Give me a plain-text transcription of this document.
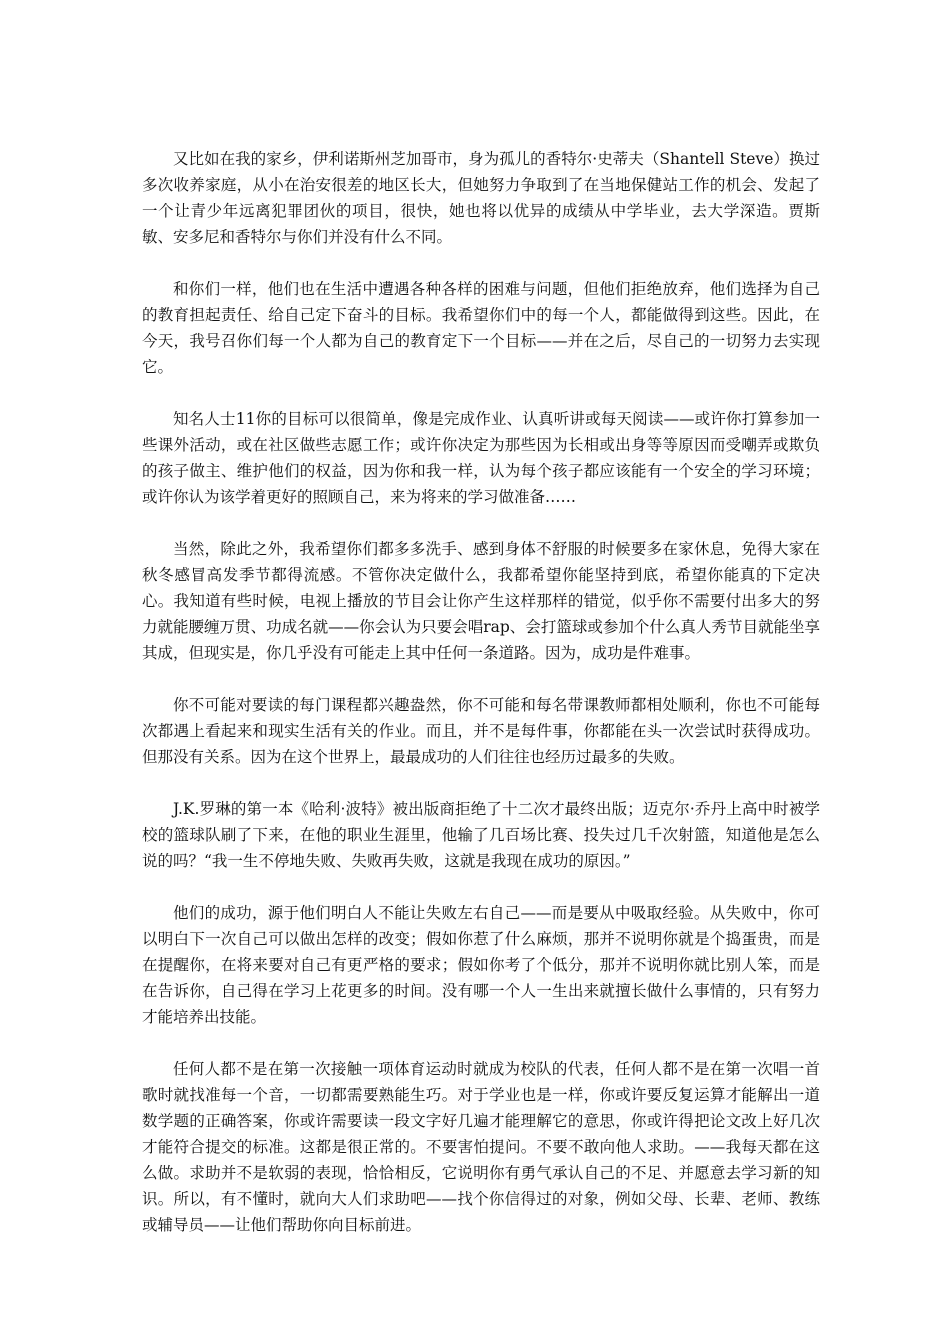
又比如在我的家乡，伊利诺斯州芝加哥市，身为孤儿的香特尔·史蒂夫（Shantell Steve）换过多次收养家庭，从小在治安很差的地区长大，但她努力争取到了在当地保健站工作的机会、发起了一个让青少年远离犯罪团伙的项目，很快，她也将以优异的成绩从中学毕业，去大学深造。贾斯敏、安多尼和香特尔与你们并没有什么不同。

和你们一样，他们也在生活中遭遇各种各样的困难与问题，但他们拒绝放弃，他们选择为自己的教育担起责任、给自己定下奋斗的目标。我希望你们中的每一个人，都能做得到这些。因此，在今天，我号召你们每一个人都为自己的教育定下一个目标——并在之后，尽自己的一切努力去实现它。

知名人士11你的目标可以很简单，像是完成作业、认真听讲或每天阅读——或许你打算参加一些课外活动，或在社区做些志愿工作；或许你决定为那些因为长相或出身等等原因而受嘲弄或欺负的孩子做主、维护他们的权益，因为你和我一样，认为每个孩子都应该能有一个安全的学习环境；或许你认为该学着更好的照顾自己，来为将来的学习做准备……

当然，除此之外，我希望你们都多多洗手、感到身体不舒服的时候要多在家休息，免得大家在秋冬感冒高发季节都得流感。不管你决定做什么，我都希望你能坚持到底，希望你能真的下定决心。我知道有些时候，电视上播放的节目会让你产生这样那样的错觉，似乎你不需要付出多大的努力就能腰缠万贯、功成名就——你会认为只要会唱rap、会打篮球或参加个什么真人秀节目就能坐享其成，但现实是，你几乎没有可能走上其中任何一条道路。因为，成功是件难事。

你不可能对要读的每门课程都兴趣盎然，你不可能和每名带课教师都相处顺利，你也不可能每次都遇上看起来和现实生活有关的作业。而且，并不是每件事，你都能在头一次尝试时获得成功。但那没有关系。因为在这个世界上，最最成功的人们往往也经历过最多的失败。

J.K.罗琳的第一本《哈利·波特》被出版商拒绝了十二次才最终出版；迈克尔·乔丹上高中时被学校的篮球队刷了下来，在他的职业生涯里，他输了几百场比赛、投失过几千次射篮，知道他是怎么说的吗？“我一生不停地失败、失败再失败，这就是我现在成功的原因。”

他们的成功，源于他们明白人不能让失败左右自己——而是要从中吸取经验。从失败中，你可以明白下一次自己可以做出怎样的改变；假如你惹了什么麻烦，那并不说明你就是个捣蛋贵，而是在提醒你，在将来要对自己有更严格的要求；假如你考了个低分，那并不说明你就比别人笨，而是在告诉你，自己得在学习上花更多的时间。没有哪一个人一生出来就擅长做什么事情的，只有努力才能培养出技能。

任何人都不是在第一次接触一项体育运动时就成为校队的代表，任何人都不是在第一次唱一首歌时就找准每一个音，一切都需要熟能生巧。对于学业也是一样，你或许要反复运算才能解出一道数学题的正确答案，你或许需要读一段文字好几遍才能理解它的意思，你或许得把论文改上好几次才能符合提交的标准。这都是很正常的。不要害怕提问。不要不敢向他人求助。——我每天都在这么做。求助并不是软弱的表现，恰恰相反，它说明你有勇气承认自己的不足、并愿意去学习新的知识。所以，有不懂时，就向大人们求助吧——找个你信得过的对象，例如父母、长辈、老师、教练或辅导员——让他们帮助你向目标前进。
